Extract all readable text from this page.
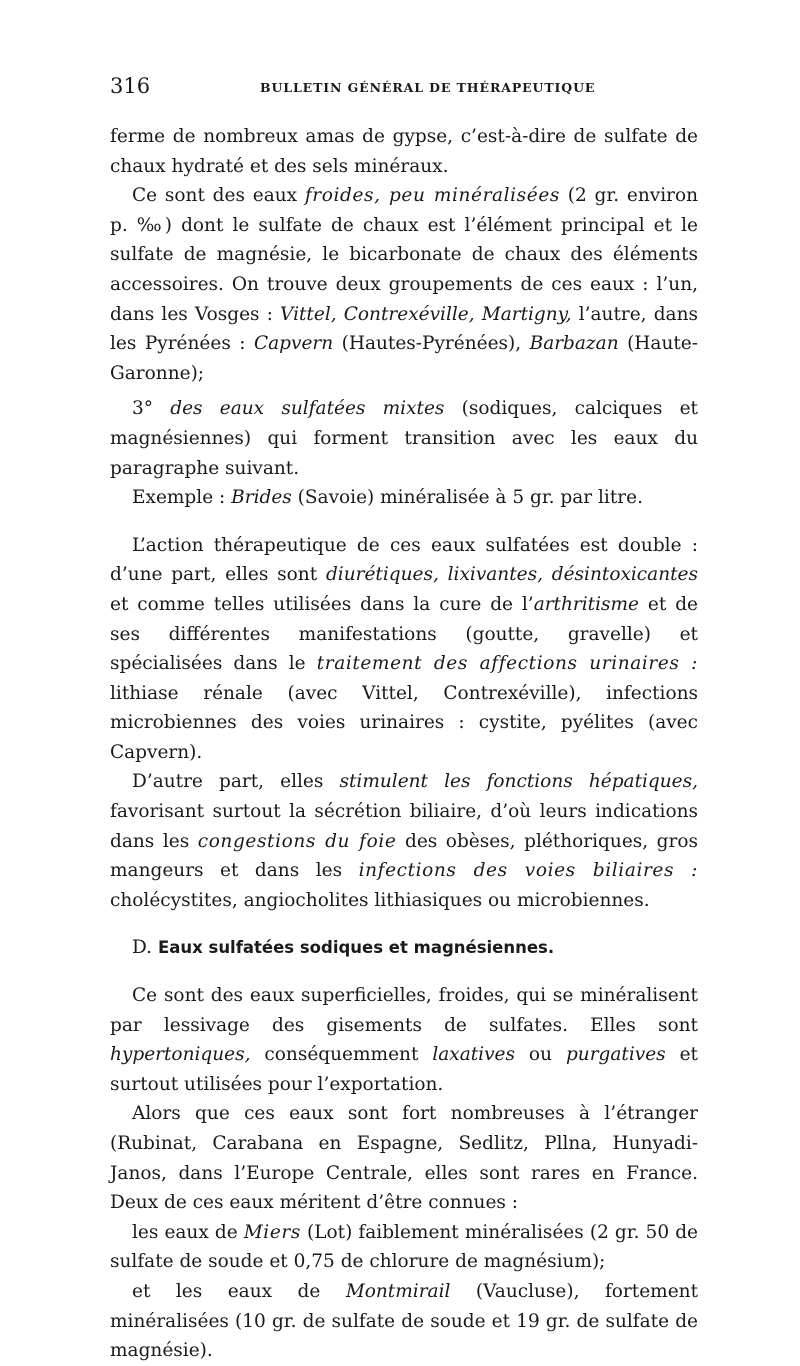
316	BULLETIN GÉNÉRAL DE THÉRAPEUTIQUE

ferme de nombreux amas de gypse, c’est-à-dire de sulfate de chaux hydraté et des sels minéraux.

Ce sont des eaux froides, peu minéralisées (2 gr. environ p. ‰) dont le sulfate de chaux est l’élément principal et le sulfate de magnésie, le bicarbonate de chaux des éléments accessoires. On trouve deux groupements de ces eaux : l’un, dans les Vosges : Vittel, Contrexéville, Martigny, l’autre, dans les Pyrénées : Capvern (Hautes-Pyrénées), Barbazan (Haute-Garonne);

3° des eaux sulfatées mixtes (sodiques, calciques et magnésiennes) qui forment transition avec les eaux du paragraphe suivant.

Exemple : Brides (Savoie) minéralisée à 5 gr. par litre.

L’action thérapeutique de ces eaux sulfatées est double : d’une part, elles sont diurétiques, lixivantes, désintoxicantes et comme telles utilisées dans la cure de l’arthritisme et de ses différentes manifestations (goutte, gravelle) et spécialisées dans le traitement des affections urinaires : lithiase rénale (avec Vittel, Contrexéville), infections microbiennes des voies urinaires : cystite, pyélites (avec Capvern).

D’autre part, elles stimulent les fonctions hépatiques, favorisant surtout la sécrétion biliaire, d’où leurs indications dans les congestions du foie des obèses, pléthoriques, gros mangeurs et dans les infections des voies biliaires : cholécystites, angiocholites lithiasiques ou microbiennes.

D. Eaux sulfatées sodiques et magnésiennes.

Ce sont des eaux superficielles, froides, qui se minéralisent par lessivage des gisements de sulfates. Elles sont hypertoniques, conséquemment laxatives ou purgatives et surtout utilisées pour l’exportation.

Alors que ces eaux sont fort nombreuses à l’étranger (Rubinat, Carabana en Espagne, Sedlitz, Pllna, Hunyadi-Janos, dans l’Europe Centrale, elles sont rares en France. Deux de ces eaux méritent d’être connues :

les eaux de Miers (Lot) faiblement minéralisées (2 gr. 50 de sulfate de soude et 0,75 de chlorure de magnésium);

et les eaux de Montmirail (Vaucluse), fortement minéralisées (10 gr. de sulfate de soude et 19 gr. de sulfate de magnésie).
